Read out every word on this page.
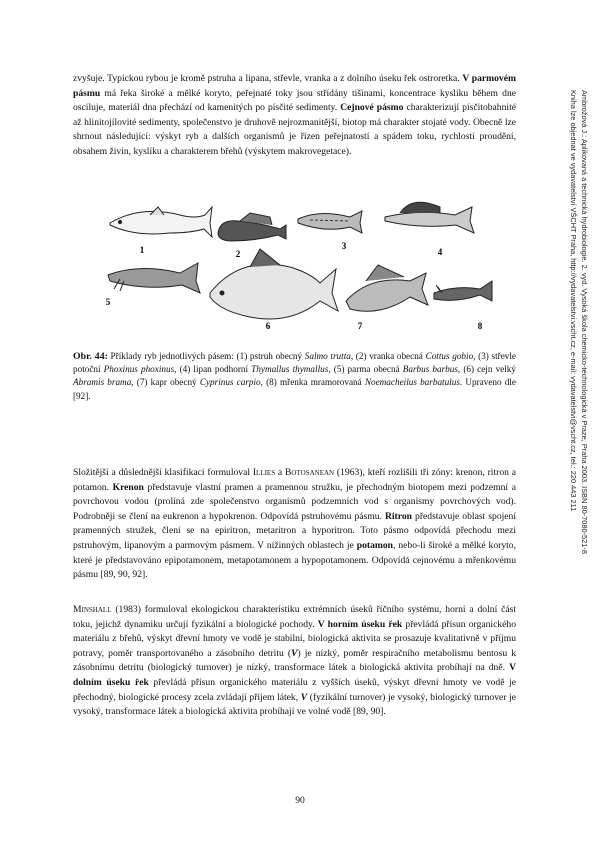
zvyšuje. Typickou rybou je kromě pstruha a lipana, střevle, vranka a z dolního úseku řek ostroretka. V parmovém pásmu má řeka široké a mělké koryto, peřejnaté toky jsou střídány tišinami, koncentrace kyslíku během dne osciluje, materiál dna přechází od kamenitých po písčité sedimenty. Cejnové pásmo charakterizují písčitobahnité až hlinitojílovité sedimenty, společenstvo je druhově nejrozmanitější, biotop má charakter stojaté vody. Obecně lze shrnout následující: výskyt ryb a dalších organismů je řízen peřejnatostí a spádem toku, rychlostí proudění, obsahem živin, kyslíku a charakterem břehů (výskytem makrovegetace).

1	2
3
4
5
6	7	8

Obr. 44: Příklady ryb jednotlivých pásem: (1) pstruh obecný Salmo trutta, (2) vranka obecná Cottus gobio, (3) střevle potoční Phoxinus phoxinus, (4) lipan podhorní Thymallus thymallus, (5) parma obecná Barbus barbus, (6) cejn velký Abramis brama, (7) kapr obecný Cyprinus carpio, (8) mřenka mramorovaná Noemacheilus barbatulus. Upraveno dle [92].

Složitější a důslednější klasifikaci formuloval Illies a Botosanean (1963), kteří rozlišili tři zóny: krenon, ritron a potamon. Krenon představuje vlastní pramen a pramennou stružku, je přechodným biotopem mezi podzemní a povrchovou vodou (prolíná zde společenstvo organismů podzemních vod s organismy povrchových vod). Podrobněji se člení na eukrenon a hypokrenon. Odpovídá pstruhovému pásmu. Ritron představuje oblast spojení pramenných stružek, člení se na epiritron, metaritron a hyporitron. Toto pásmo odpovídá přechodu mezi pstruhovým, lipanovým a parmovým pásmem. V nížinných oblastech je potamon, nebo-li široké a mělké koryto, které je představováno epipotamonem, metapotamonem a hypopotamonem. Odpovídá cejnovému a mřenkovému pásmu [89, 90, 92].

Minshall (1983) formuloval ekologickou charakteristiku extrémních úseků říčního systému, horní a dolní část toku, jejichž dynamiku určují fyzikální a biologické pochody. V horním úseku řek převládá přísun organického materiálu z břehů, výskyt dřevní hmoty ve vodě je stabilní, biologická aktivita se prosazuje kvalitativně v příjmu potravy, poměr transportovaného a zásobního detritu (V) je nízký, poměr respiračního metabolismu bentosu k zásobnímu detritu (biologický turnover) je nízký, transformace látek a biologická aktivita probíhají na dně. V dolním úseku řek převládá přísun organického materiálu z vyšších úseků, výskyt dřevní hmoty ve vodě je přechodný, biologické procesy zcela zvládají příjem látek, V (fyzikální turnover) je vysoký, biologický turnover je vysoký, transformace látek a biologická aktivita probíhají ve volné vodě [89, 90].

Ambrožová J.: Aplikovaná a technická hydrobiologie. 2. vyd. Vysoká škola chemicko-technologická v Praze, Praha 2003. ISBN 80-7080-521-8
Kniha lze objednat ve vydavatelství VŠCHT Praha, http://vydavatelstvi.vscht.cz, e-mail: vydavatelstvi@vscht.cz, tel.: 220 443 211

90
